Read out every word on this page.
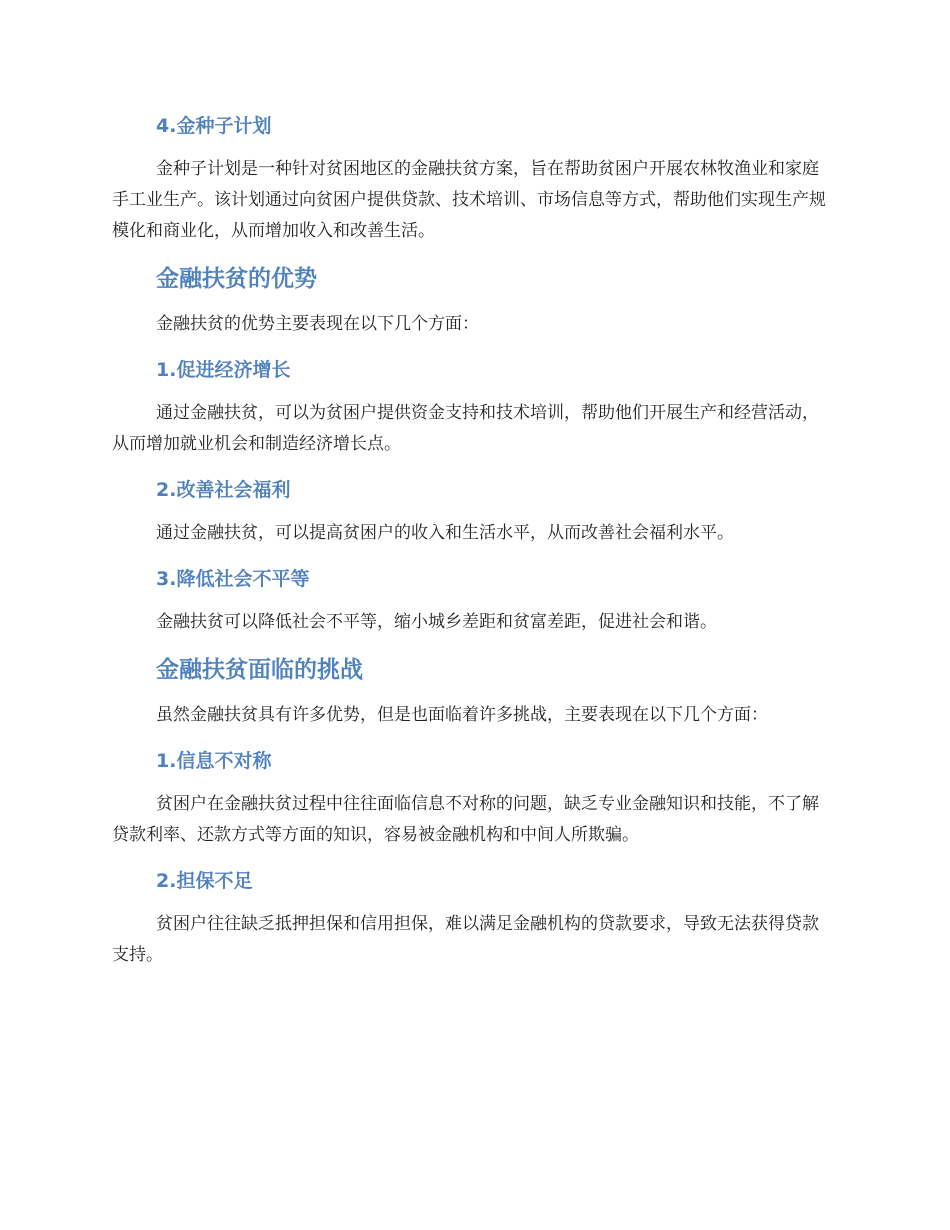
4.金种子计划

金种子计划是一种针对贫困地区的金融扶贫方案，旨在帮助贫困户开展农林牧渔业和家庭手工业生产。该计划通过向贫困户提供贷款、技术培训、市场信息等方式，帮助他们实现生产规模化和商业化，从而增加收入和改善生活。

金融扶贫的优势

金融扶贫的优势主要表现在以下几个方面：

1.促进经济增长

通过金融扶贫，可以为贫困户提供资金支持和技术培训，帮助他们开展生产和经营活动，从而增加就业机会和制造经济增长点。

2.改善社会福利

通过金融扶贫，可以提高贫困户的收入和生活水平，从而改善社会福利水平。

3.降低社会不平等

金融扶贫可以降低社会不平等，缩小城乡差距和贫富差距，促进社会和谐。

金融扶贫面临的挑战

虽然金融扶贫具有许多优势，但是也面临着许多挑战，主要表现在以下几个方面：

1.信息不对称

贫困户在金融扶贫过程中往往面临信息不对称的问题，缺乏专业金融知识和技能，不了解贷款利率、还款方式等方面的知识，容易被金融机构和中间人所欺骗。

2.担保不足

贫困户往往缺乏抵押担保和信用担保，难以满足金融机构的贷款要求，导致无法获得贷款支持。
